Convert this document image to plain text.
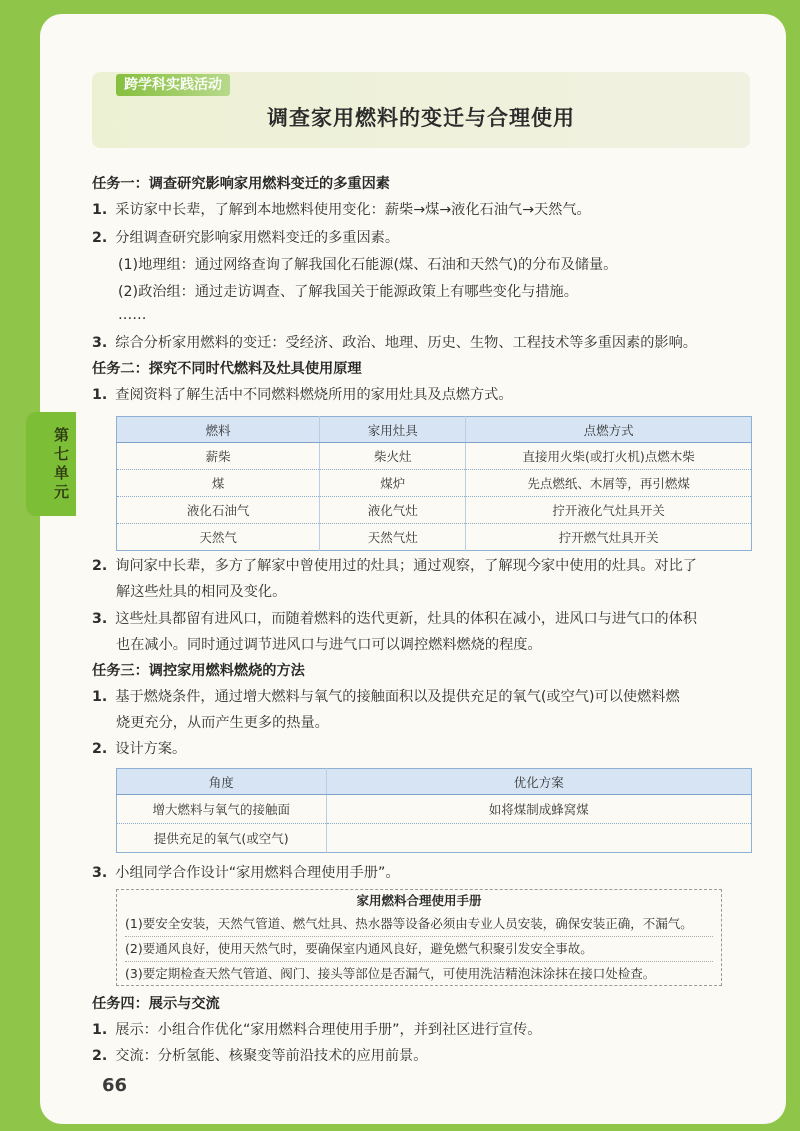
跨学科实践活动
调查家用燃料的变迁与合理使用
第七单元
任务一：调查研究影响家用燃料变迁的多重因素
1. 采访家中长辈，了解到本地燃料使用变化：薪柴→煤→液化石油气→天然气。
2. 分组调查研究影响家用燃料变迁的多重因素。
(1)地理组：通过网络查询了解我国化石能源(煤、石油和天然气)的分布及储量。
(2)政治组：通过走访调查、了解我国关于能源政策上有哪些变化与措施。
……
3. 综合分析家用燃料的变迁：受经济、政治、地理、历史、生物、工程技术等多重因素的影响。
任务二：探究不同时代燃料及灶具使用原理
1. 查阅资料了解生活中不同燃料燃烧所用的家用灶具及点燃方式。
燃料	家用灶具	点燃方式
薪柴	柴火灶	直接用火柴(或打火机)点燃木柴
煤	煤炉	先点燃纸、木屑等，再引燃煤
液化石油气	液化气灶	拧开液化气灶具开关
天然气	天然气灶	拧开燃气灶具开关
2. 询问家中长辈，多方了解家中曾使用过的灶具；通过观察，了解现今家中使用的灶具。对比了
解这些灶具的相同及变化。
3. 这些灶具都留有进风口，而随着燃料的迭代更新，灶具的体积在减小，进风口与进气口的体积
也在减小。同时通过调节进风口与进气口可以调控燃料燃烧的程度。
任务三：调控家用燃料燃烧的方法
1. 基于燃烧条件，通过增大燃料与氧气的接触面积以及提供充足的氧气(或空气)可以使燃料燃
烧更充分，从而产生更多的热量。
2. 设计方案。
角度	优化方案
增大燃料与氧气的接触面	如将煤制成蜂窝煤
提供充足的氧气(或空气)	
3. 小组同学合作设计“家用燃料合理使用手册”。
家用燃料合理使用手册
(1)要安全安装，天然气管道、燃气灶具、热水器等设备必须由专业人员安装，确保安装正确，不漏气。
(2)要通风良好，使用天然气时，要确保室内通风良好，避免燃气积聚引发安全事故。
(3)要定期检查天然气管道、阀门、接头等部位是否漏气，可使用洗洁精泡沫涂抹在接口处检查。
任务四：展示与交流
1. 展示：小组合作优化“家用燃料合理使用手册”，并到社区进行宣传。
2. 交流：分析氢能、核聚变等前沿技术的应用前景。
66
